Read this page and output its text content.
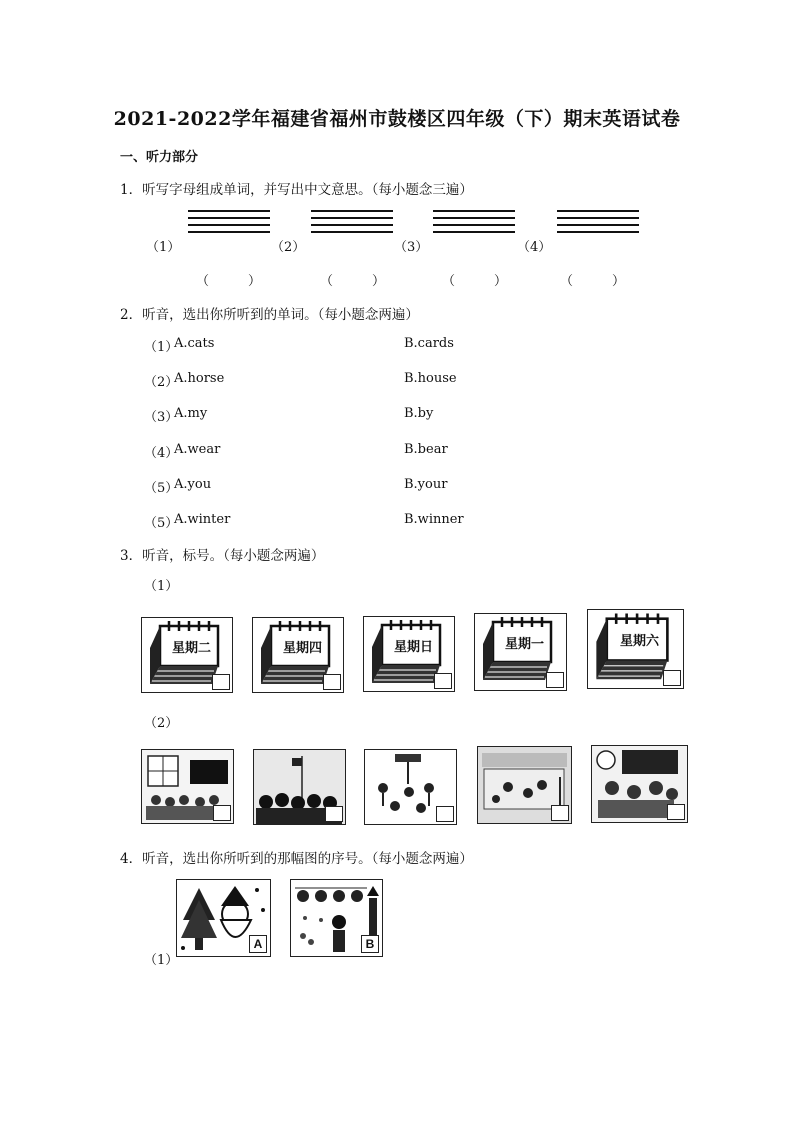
2021-2022学年福建省福州市鼓楼区四年级（下）期末英语试卷
一、听力部分
1．听写字母组成单词，并写出中文意思。（每小题念三遍）
（1）
（　　　）
（2）
（　　　）
（3）
（　　　）
（4）
（　　　）
2．听音，选出你所听到的单词。（每小题念两遍）
（1）
A.cats	B.cards
（2）
A.horse	B.house
（3）
A.my	B.by
（4）
A.wear	B.bear
（5）
A.you	B.your
（5）
A.winter	B.winner
3．听音，标号。（每小题念两遍）
（1）
星期二	星期四	星期日	星期一	星期六
（2）
4．听音，选出你所听到的那幅图的序号。（每小题念两遍）
A	B
（1）
